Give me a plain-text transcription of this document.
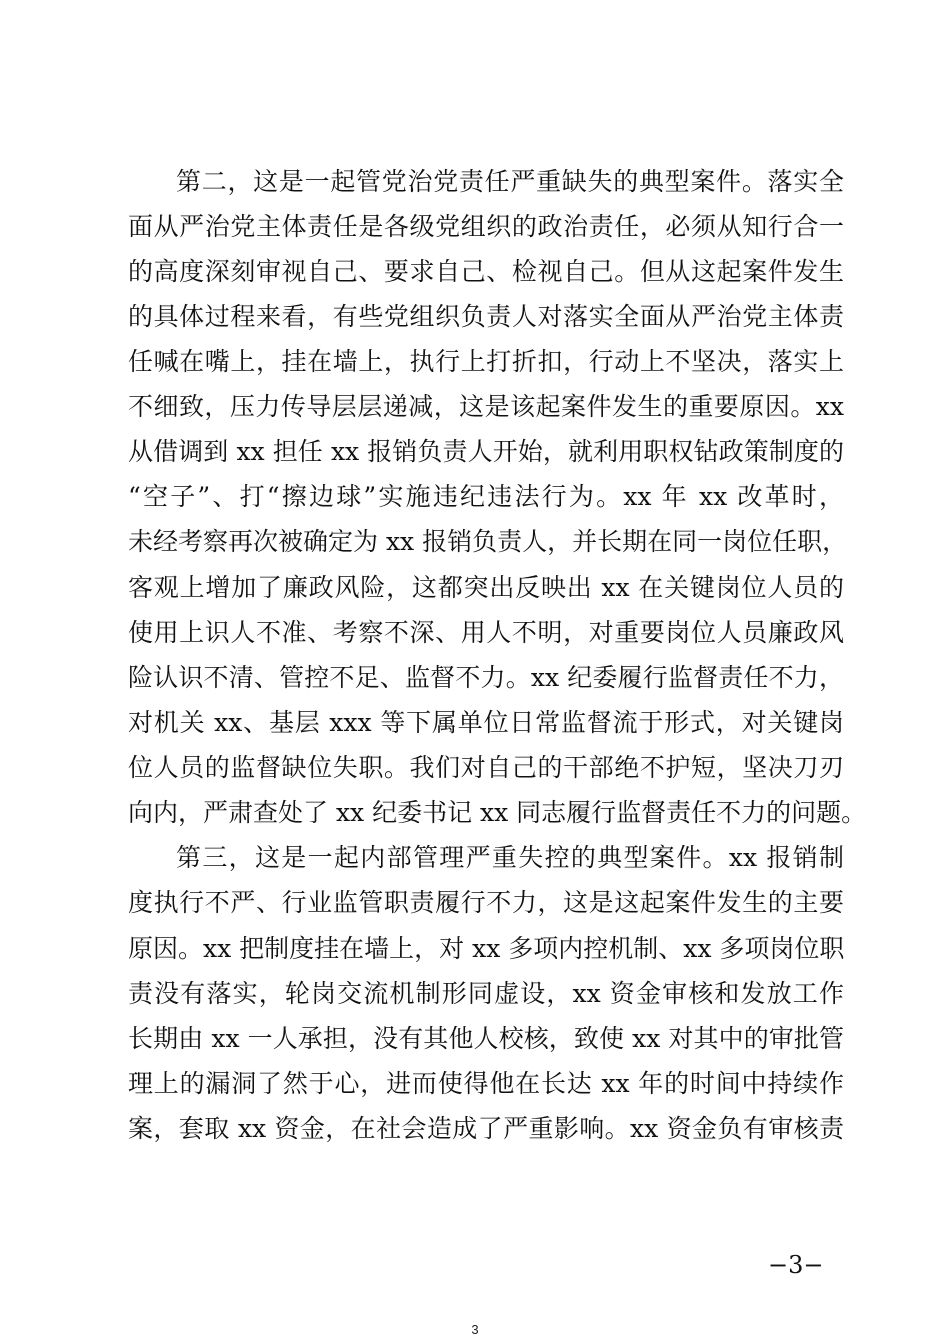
第二，这是一起管党治党责任严重缺失的典型案件。落实全
面从严治党主体责任是各级党组织的政治责任，必须从知行合一
的高度深刻审视自己、要求自己、检视自己。但从这起案件发生
的具体过程来看，有些党组织负责人对落实全面从严治党主体责
任喊在嘴上，挂在墙上，执行上打折扣，行动上不坚决，落实上
不细致，压力传导层层递减，这是该起案件发生的重要原因。xx
从借调到 xx 担任 xx 报销负责人开始，就利用职权钻政策制度的
“空子”、打“擦边球”实施违纪违法行为。xx 年 xx 改革时，
未经考察再次被确定为 xx 报销负责人，并长期在同一岗位任职，
客观上增加了廉政风险，这都突出反映出 xx 在关键岗位人员的
使用上识人不准、考察不深、用人不明，对重要岗位人员廉政风
险认识不清、管控不足、监督不力。xx 纪委履行监督责任不力，
对机关 xx、基层 xxx 等下属单位日常监督流于形式，对关键岗
位人员的监督缺位失职。我们对自己的干部绝不护短，坚决刀刃
向内，严肃查处了 xx 纪委书记 xx 同志履行监督责任不力的问题。
第三，这是一起内部管理严重失控的典型案件。xx 报销制
度执行不严、行业监管职责履行不力，这是这起案件发生的主要
原因。xx 把制度挂在墙上，对 xx 多项内控机制、xx 多项岗位职
责没有落实，轮岗交流机制形同虚设，xx 资金审核和发放工作
长期由 xx 一人承担，没有其他人校核，致使 xx 对其中的审批管
理上的漏洞了然于心，进而使得他在长达 xx 年的时间中持续作
案，套取 xx 资金，在社会造成了严重影响。xx 资金负有审核责
−3−
3
